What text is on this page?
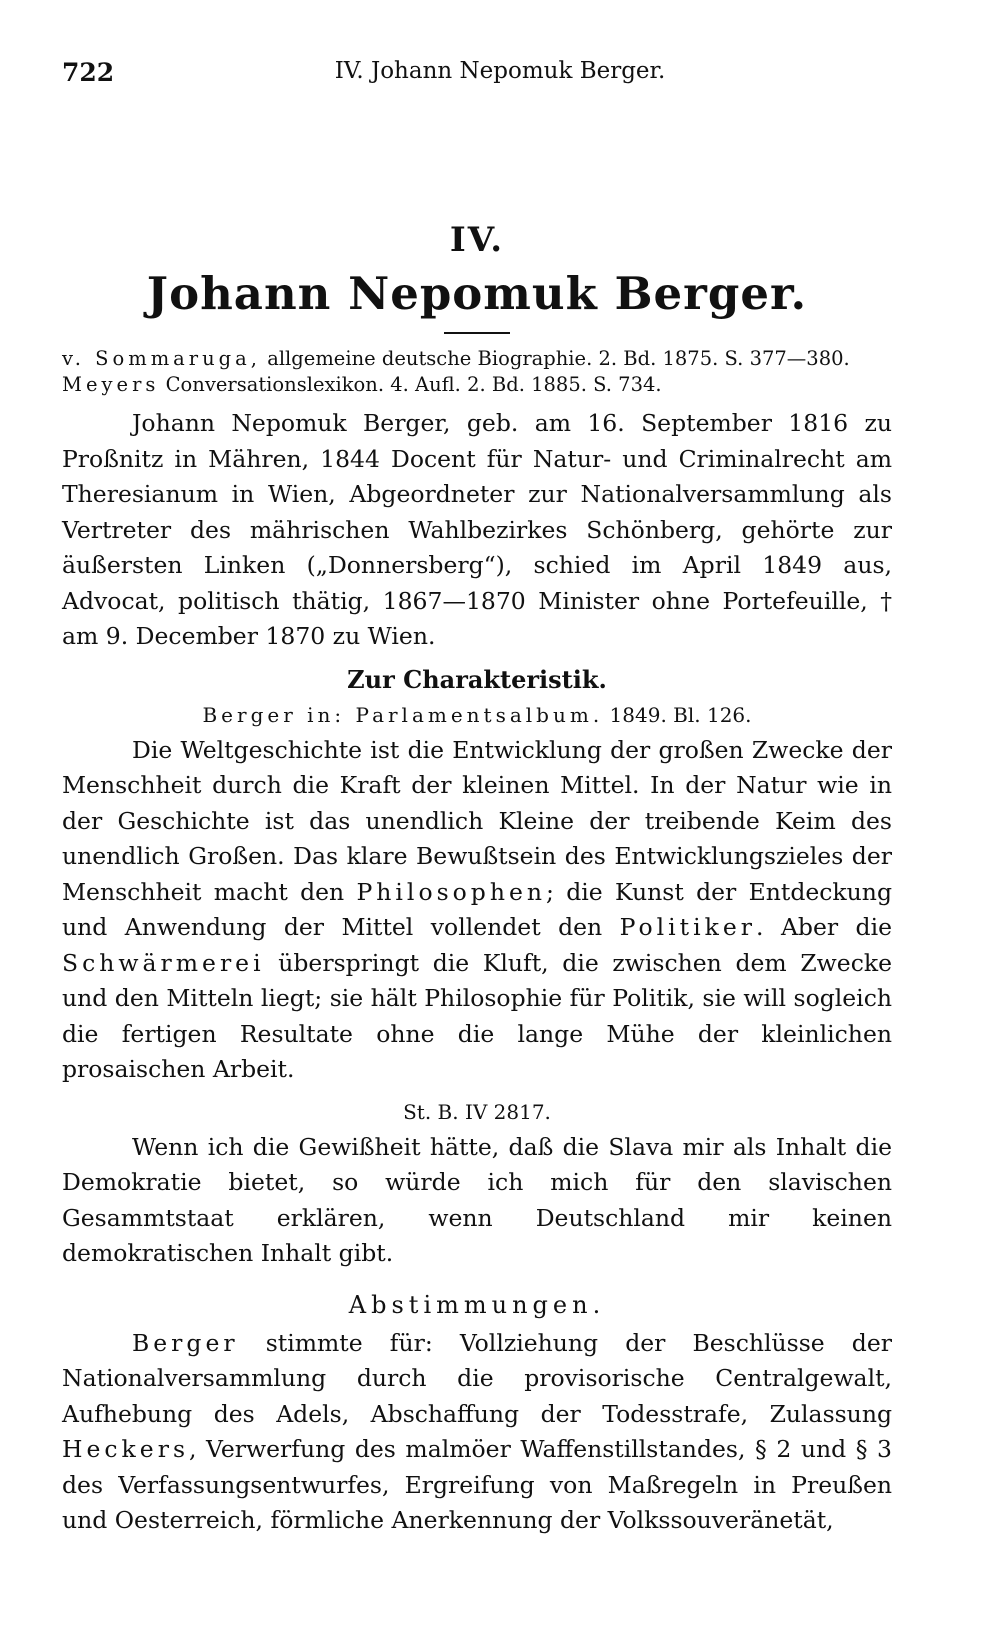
722	IV. Johann Nepomuk Berger.
IV.
Johann Nepomuk Berger.
v. Sommaruga, allgemeine deutsche Biographie. 2. Bd. 1875. S. 377—380.
Meyers Conversationslexikon. 4. Aufl. 2. Bd. 1885. S. 734.

Johann Nepomuk Berger, geb. am 16. September 1816 zu Proßnitz in Mähren, 1844 Docent für Natur- und Criminalrecht am Theresianum in Wien, Abgeordneter zur Nationalversammlung als Vertreter des mährischen Wahlbezirkes Schönberg, gehörte zur äußersten Linken („Donnersberg“), schied im April 1849 aus, Advocat, politisch thätig, 1867—1870 Minister ohne Portefeuille, † am 9. December 1870 zu Wien.

Zur Charakteristik.
Berger in: Parlamentsalbum. 1849. Bl. 126.

Die Weltgeschichte ist die Entwicklung der großen Zwecke der Menschheit durch die Kraft der kleinen Mittel. In der Natur wie in der Geschichte ist das unendlich Kleine der treibende Keim des unendlich Großen. Das klare Bewußtsein des Entwicklungszieles der Menschheit macht den Philosophen; die Kunst der Entdeckung und Anwendung der Mittel vollendet den Politiker. Aber die Schwärmerei überspringt die Kluft, die zwischen dem Zwecke und den Mitteln liegt; sie hält Philosophie für Politik, sie will sogleich die fertigen Resultate ohne die lange Mühe der kleinlichen prosaischen Arbeit.

St. B. IV 2817.

Wenn ich die Gewißheit hätte, daß die Slava mir als Inhalt die Demokratie bietet, so würde ich mich für den slavischen Gesammtstaat erklären, wenn Deutschland mir keinen demokratischen Inhalt gibt.

Abstimmungen.

Berger stimmte für: Vollziehung der Beschlüsse der Nationalversammlung durch die provisorische Centralgewalt, Aufhebung des Adels, Abschaffung der Todesstrafe, Zulassung Heckers, Verwerfung des malmöer Waffenstillstandes, § 2 und § 3 des Verfassungsentwurfes, Ergreifung von Maßregeln in Preußen und Oesterreich, förmliche Anerkennung der Volkssouveränetät,
